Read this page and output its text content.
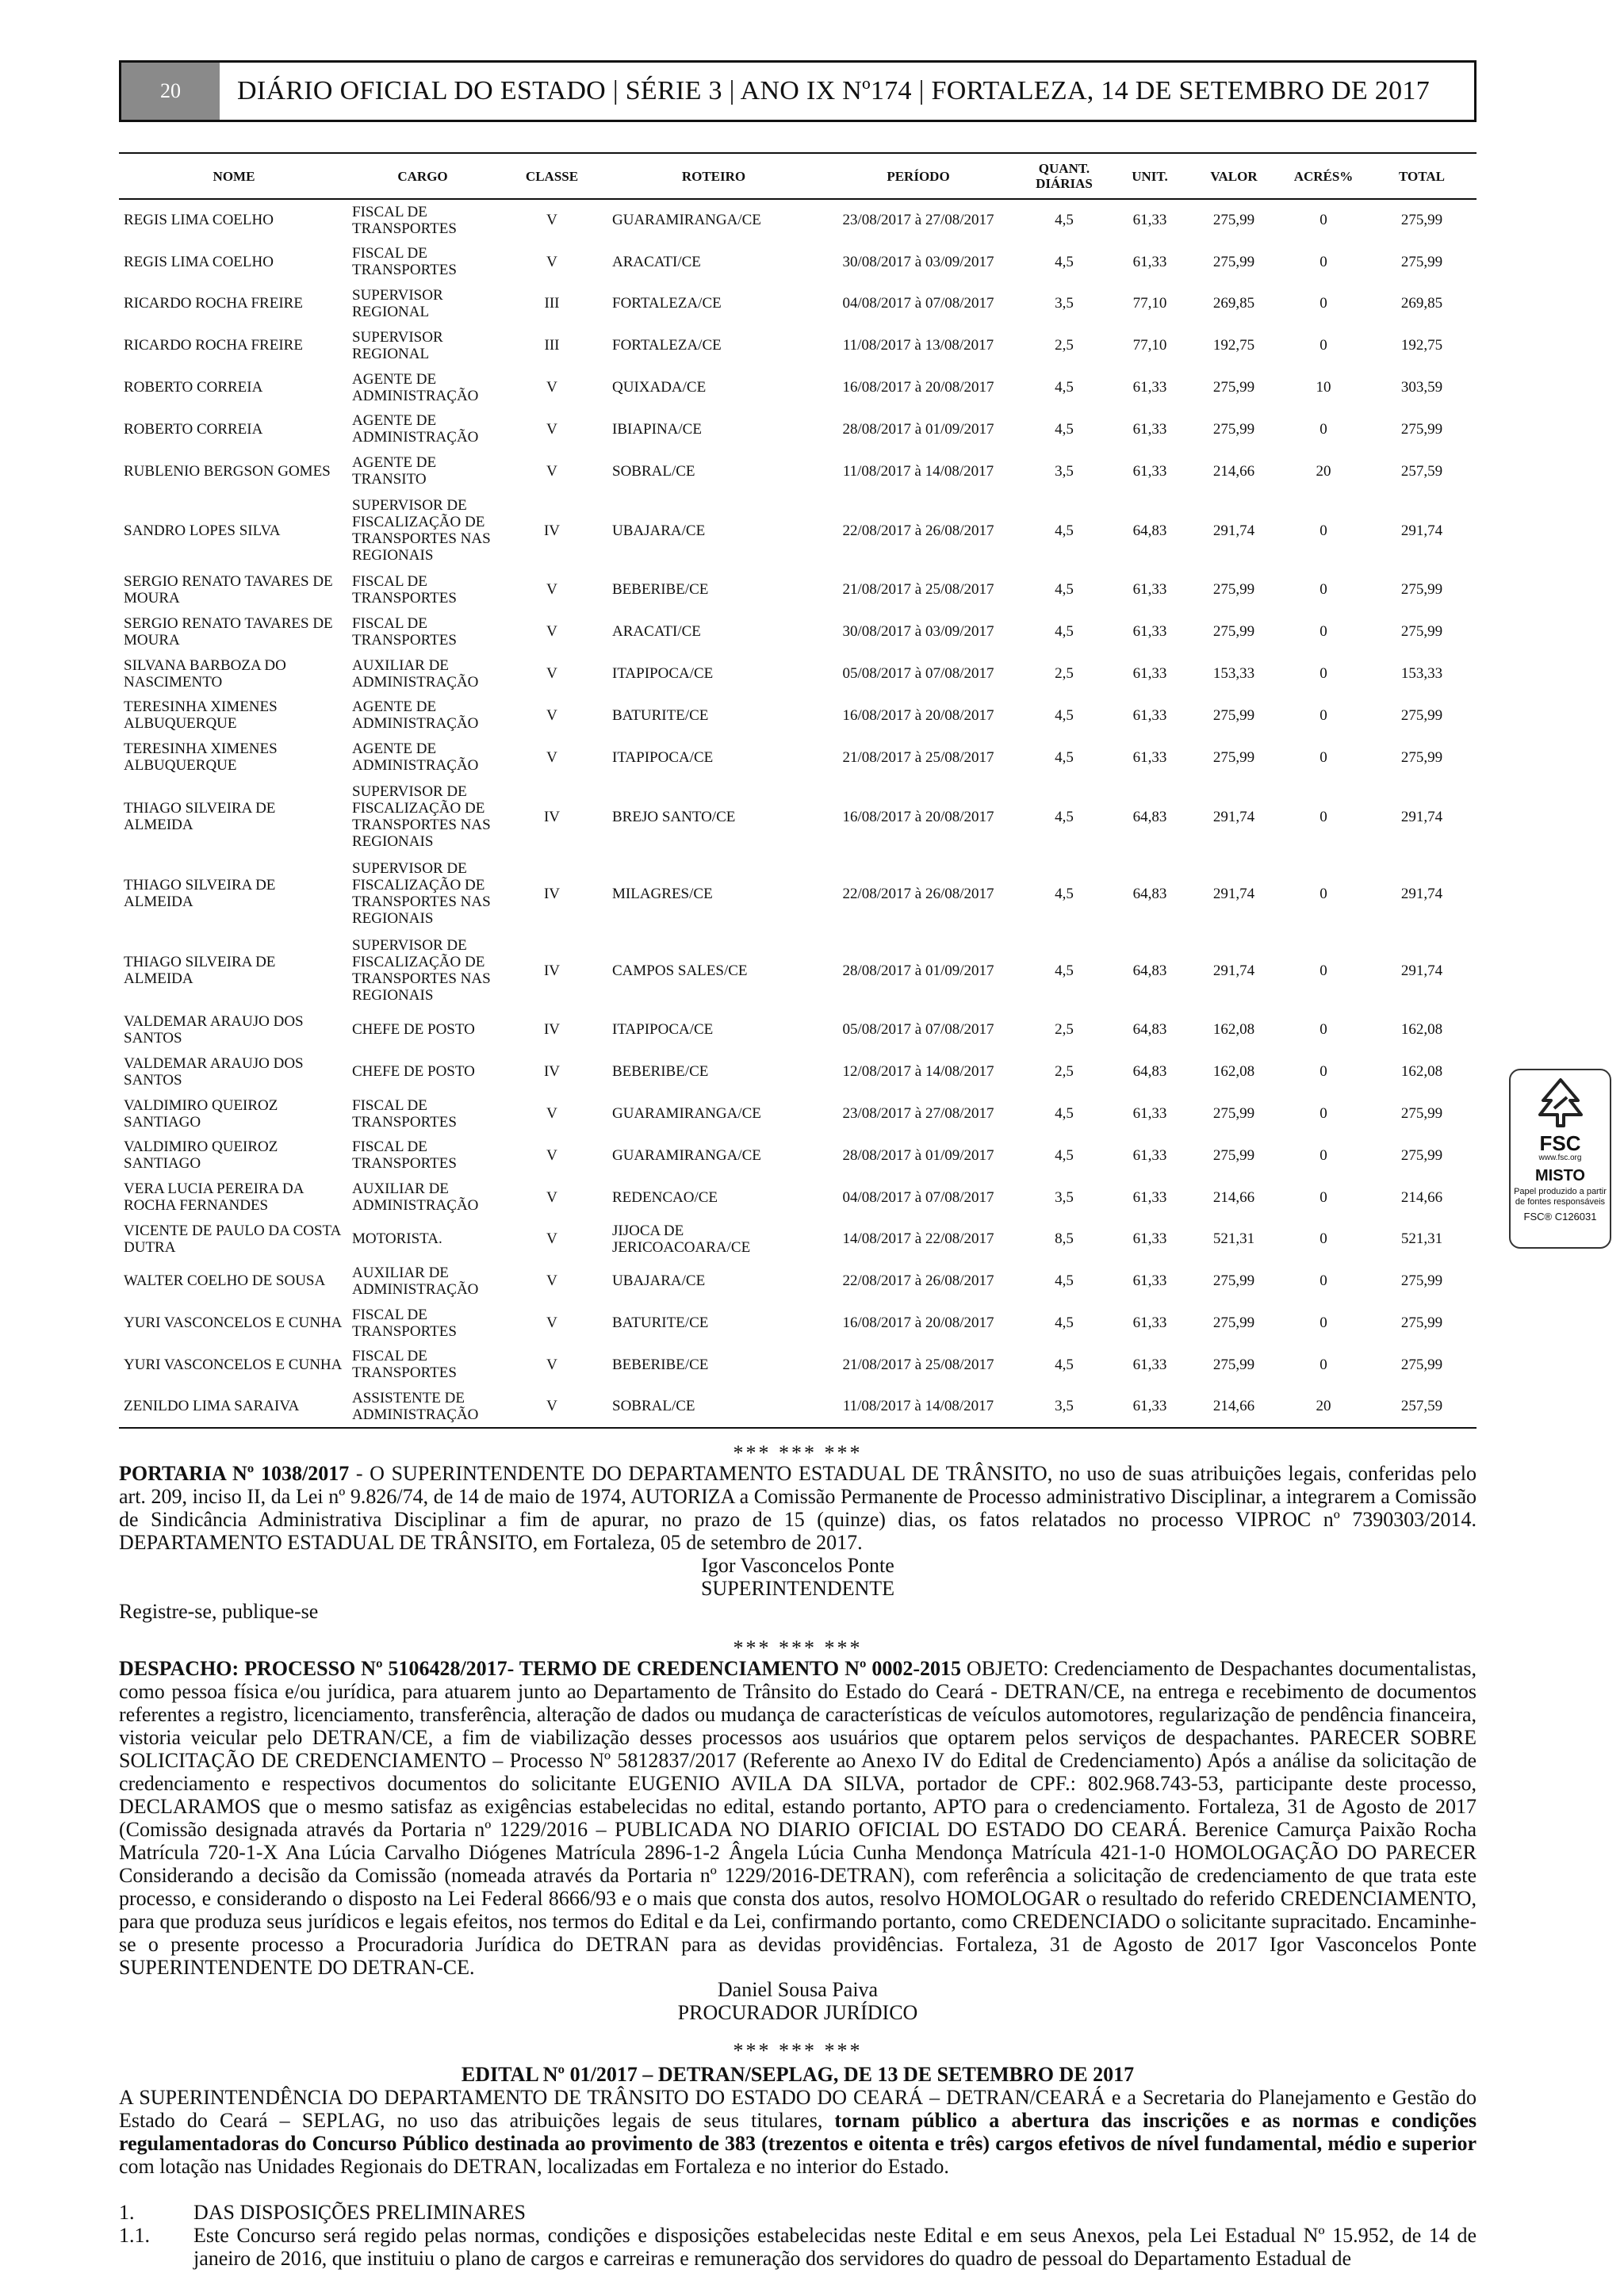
20	DIÁRIO OFICIAL DO ESTADO | SÉRIE 3 | ANO IX Nº174 | FORTALEZA, 14 DE SETEMBRO DE 2017
NOME	CARGO	CLASSE	ROTEIRO	PERÍODO	QUANT. DIÁRIAS	UNIT.	VALOR	ACRÉS%	TOTAL
REGIS LIMA COELHO	FISCAL DE TRANSPORTES	V	GUARAMIRANGA/CE	23/08/2017 à 27/08/2017	4,5	61,33	275,99	0	275,99
REGIS LIMA COELHO	FISCAL DE TRANSPORTES	V	ARACATI/CE	30/08/2017 à 03/09/2017	4,5	61,33	275,99	0	275,99
RICARDO ROCHA FREIRE	SUPERVISOR REGIONAL	III	FORTALEZA/CE	04/08/2017 à 07/08/2017	3,5	77,10	269,85	0	269,85
RICARDO ROCHA FREIRE	SUPERVISOR REGIONAL	III	FORTALEZA/CE	11/08/2017 à 13/08/2017	2,5	77,10	192,75	0	192,75
ROBERTO CORREIA	AGENTE DE ADMINISTRAÇÃO	V	QUIXADA/CE	16/08/2017 à 20/08/2017	4,5	61,33	275,99	10	303,59
ROBERTO CORREIA	AGENTE DE ADMINISTRAÇÃO	V	IBIAPINA/CE	28/08/2017 à 01/09/2017	4,5	61,33	275,99	0	275,99
RUBLENIO BERGSON GOMES	AGENTE DE TRANSITO	V	SOBRAL/CE	11/08/2017 à 14/08/2017	3,5	61,33	214,66	20	257,59
SANDRO LOPES SILVA	SUPERVISOR DE FISCALIZAÇÃO DE TRANSPORTES NAS REGIONAIS	IV	UBAJARA/CE	22/08/2017 à 26/08/2017	4,5	64,83	291,74	0	291,74
SERGIO RENATO TAVARES DE MOURA	FISCAL DE TRANSPORTES	V	BEBERIBE/CE	21/08/2017 à 25/08/2017	4,5	61,33	275,99	0	275,99
SERGIO RENATO TAVARES DE MOURA	FISCAL DE TRANSPORTES	V	ARACATI/CE	30/08/2017 à 03/09/2017	4,5	61,33	275,99	0	275,99
SILVANA BARBOZA DO NASCIMENTO	AUXILIAR DE ADMINISTRAÇÃO	V	ITAPIPOCA/CE	05/08/2017 à 07/08/2017	2,5	61,33	153,33	0	153,33
TERESINHA XIMENES ALBUQUERQUE	AGENTE DE ADMINISTRAÇÃO	V	BATURITE/CE	16/08/2017 à 20/08/2017	4,5	61,33	275,99	0	275,99
TERESINHA XIMENES ALBUQUERQUE	AGENTE DE ADMINISTRAÇÃO	V	ITAPIPOCA/CE	21/08/2017 à 25/08/2017	4,5	61,33	275,99	0	275,99
THIAGO SILVEIRA DE ALMEIDA	SUPERVISOR DE FISCALIZAÇÃO DE TRANSPORTES NAS REGIONAIS	IV	BREJO SANTO/CE	16/08/2017 à 20/08/2017	4,5	64,83	291,74	0	291,74
THIAGO SILVEIRA DE ALMEIDA	SUPERVISOR DE FISCALIZAÇÃO DE TRANSPORTES NAS REGIONAIS	IV	MILAGRES/CE	22/08/2017 à 26/08/2017	4,5	64,83	291,74	0	291,74
THIAGO SILVEIRA DE ALMEIDA	SUPERVISOR DE FISCALIZAÇÃO DE TRANSPORTES NAS REGIONAIS	IV	CAMPOS SALES/CE	28/08/2017 à 01/09/2017	4,5	64,83	291,74	0	291,74
VALDEMAR ARAUJO DOS SANTOS	CHEFE DE POSTO	IV	ITAPIPOCA/CE	05/08/2017 à 07/08/2017	2,5	64,83	162,08	0	162,08
VALDEMAR ARAUJO DOS SANTOS	CHEFE DE POSTO	IV	BEBERIBE/CE	12/08/2017 à 14/08/2017	2,5	64,83	162,08	0	162,08
VALDIMIRO QUEIROZ SANTIAGO	FISCAL DE TRANSPORTES	V	GUARAMIRANGA/CE	23/08/2017 à 27/08/2017	4,5	61,33	275,99	0	275,99
VALDIMIRO QUEIROZ SANTIAGO	FISCAL DE TRANSPORTES	V	GUARAMIRANGA/CE	28/08/2017 à 01/09/2017	4,5	61,33	275,99	0	275,99
VERA LUCIA PEREIRA DA ROCHA FERNANDES	AUXILIAR DE ADMINISTRAÇÃO	V	REDENCAO/CE	04/08/2017 à 07/08/2017	3,5	61,33	214,66	0	214,66
VICENTE DE PAULO DA COSTA DUTRA	MOTORISTA.	V	JIJOCA DE JERICOACOARA/CE	14/08/2017 à 22/08/2017	8,5	61,33	521,31	0	521,31
WALTER COELHO DE SOUSA	AUXILIAR DE ADMINISTRAÇÃO	V	UBAJARA/CE	22/08/2017 à 26/08/2017	4,5	61,33	275,99	0	275,99
YURI VASCONCELOS E CUNHA	FISCAL DE TRANSPORTES	V	BATURITE/CE	16/08/2017 à 20/08/2017	4,5	61,33	275,99	0	275,99
YURI VASCONCELOS E CUNHA	FISCAL DE TRANSPORTES	V	BEBERIBE/CE	21/08/2017 à 25/08/2017	4,5	61,33	275,99	0	275,99
ZENILDO LIMA SARAIVA	ASSISTENTE DE ADMINISTRAÇÃO	V	SOBRAL/CE	11/08/2017 à 14/08/2017	3,5	61,33	214,66	20	257,59
*** *** ***
PORTARIA Nº 1038/2017 - O SUPERINTENDENTE DO DEPARTAMENTO ESTADUAL DE TRÂNSITO, no uso de suas atribuições legais, conferidas pelo art. 209, inciso II, da Lei nº 9.826/74, de 14 de maio de 1974, AUTORIZA a Comissão Permanente de Processo administrativo Disciplinar, a integrarem a Comissão de Sindicância Administrativa Disciplinar a fim de apurar, no prazo de 15 (quinze) dias, os fatos relatados no processo VIPROC nº 7390303/2014. DEPARTAMENTO ESTADUAL DE TRÂNSITO, em Fortaleza, 05 de setembro de 2017.
Igor Vasconcelos Ponte
SUPERINTENDENTE
Registre-se, publique-se
*** *** ***
DESPACHO: PROCESSO Nº 5106428/2017- TERMO DE CREDENCIAMENTO Nº 0002-2015 OBJETO: Credenciamento de Despachantes documentalistas, como pessoa física e/ou jurídica, para atuarem junto ao Departamento de Trânsito do Estado do Ceará - DETRAN/CE, na entrega e recebimento de documentos referentes a registro, licenciamento, transferência, alteração de dados ou mudança de características de veículos automotores, regularização de pendência financeira, vistoria veicular pelo DETRAN/CE, a fim de viabilização desses processos aos usuários que optarem pelos serviços de despachantes. PARECER SOBRE SOLICITAÇÃO DE CREDENCIAMENTO – Processo Nº 5812837/2017 (Referente ao Anexo IV do Edital de Credenciamento) Após a análise da solicitação de credenciamento e respectivos documentos do solicitante EUGENIO AVILA DA SILVA, portador de CPF.: 802.968.743-53, participante deste processo, DECLARAMOS que o mesmo satisfaz as exigências estabelecidas no edital, estando portanto, APTO para o credenciamento. Fortaleza, 31 de Agosto de 2017 (Comissão designada através da Portaria nº 1229/2016 – PUBLICADA NO DIARIO OFICIAL DO ESTADO DO CEARÁ. Berenice Camurça Paixão Rocha Matrícula 720-1-X Ana Lúcia Carvalho Diógenes Matrícula 2896-1-2 Ângela Lúcia Cunha Mendonça Matrícula 421-1-0 HOMOLOGAÇÃO DO PARECER Considerando a decisão da Comissão (nomeada através da Portaria nº 1229/2016-DETRAN), com referência a solicitação de credenciamento de que trata este processo, e considerando o disposto na Lei Federal 8666/93 e o mais que consta dos autos, resolvo HOMOLOGAR o resultado do referido CREDENCIAMENTO, para que produza seus jurídicos e legais efeitos, nos termos do Edital e da Lei, confirmando portanto, como CREDENCIADO o solicitante supracitado. Encaminhe-se o presente processo a Procuradoria Jurídica do DETRAN para as devidas providências. Fortaleza, 31 de Agosto de 2017 Igor Vasconcelos Ponte SUPERINTENDENTE DO DETRAN-CE.
Daniel Sousa Paiva
PROCURADOR JURÍDICO
*** *** ***
EDITAL Nº 01/2017 – DETRAN/SEPLAG, DE 13 DE SETEMBRO DE 2017
A SUPERINTENDÊNCIA DO DEPARTAMENTO DE TRÂNSITO DO ESTADO DO CEARÁ – DETRAN/CEARÁ e a Secretaria do Planejamento e Gestão do Estado do Ceará – SEPLAG, no uso das atribuições legais de seus titulares, tornam público a abertura das inscrições e as normas e condições regulamentadoras do Concurso Público destinada ao provimento de 383 (trezentos e oitenta e três) cargos efetivos de nível fundamental, médio e superior com lotação nas Unidades Regionais do DETRAN, localizadas em Fortaleza e no interior do Estado.
1.	DAS DISPOSIÇÕES PRELIMINARES
1.1.	Este Concurso será regido pelas normas, condições e disposições estabelecidas neste Edital e em seus Anexos, pela Lei Estadual Nº 15.952, de 14 de janeiro de 2016, que instituiu o plano de cargos e carreiras e remuneração dos servidores do quadro de pessoal do Departamento Estadual de
FSC
www.fsc.org
MISTO
Papel produzido a partir de fontes responsáveis
FSC® C126031
